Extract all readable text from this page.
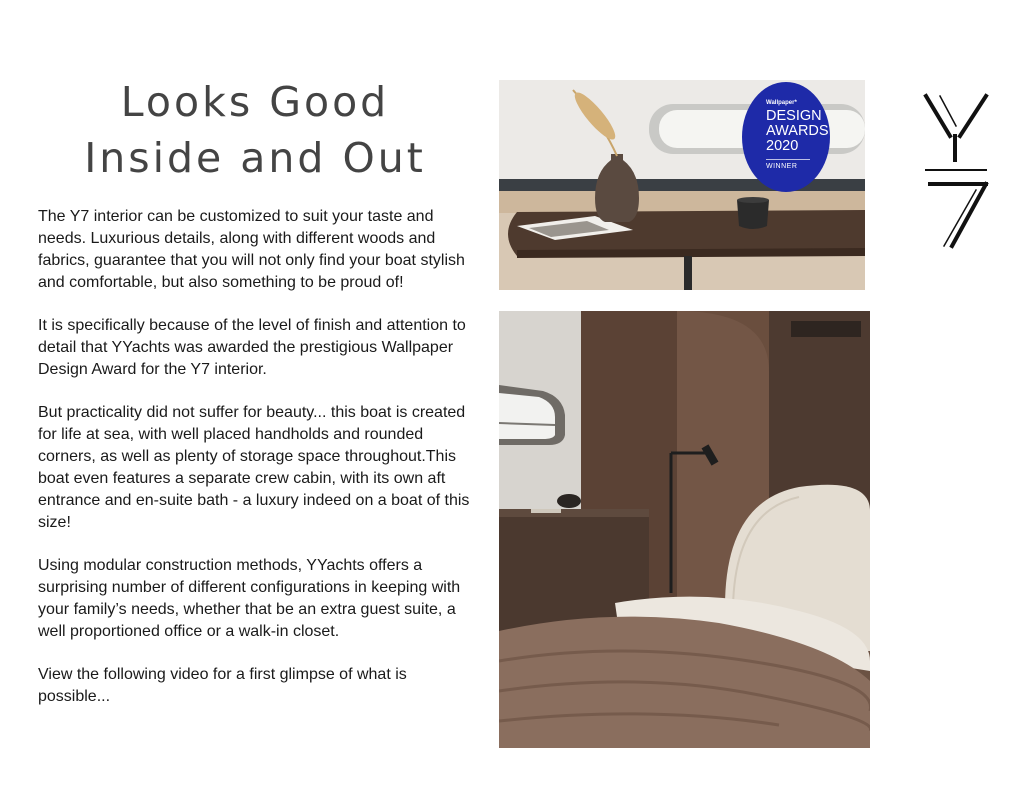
Looks Good
Inside and Out

The Y7 interior can be customized to suit your taste and needs. Luxurious details, along with different woods and fabrics, guarantee that you will not only find your boat stylish and comfortable, but also something to be proud of!

It is specifically because of the level of finish and attention to detail that YYachts was awarded the prestigious Wallpaper Design Award for the Y7 interior.

But practicality did not suffer for beauty... this boat is created for life at sea, with well placed handholds and rounded corners, as well as plenty of storage space throughout.This boat even features a separate crew cabin, with its own aft entrance and en-suite bath - a luxury indeed on a boat of this size!

Using modular construction methods, YYachts offers a surprising number of different configurations in keeping with your family’s needs, whether that be an extra guest suite, a well proportioned office or a walk-in closet.

View the following video for a first glimpse of what is possible...

Wallpaper*
DESIGN
AWARDS
2020
WINNER
